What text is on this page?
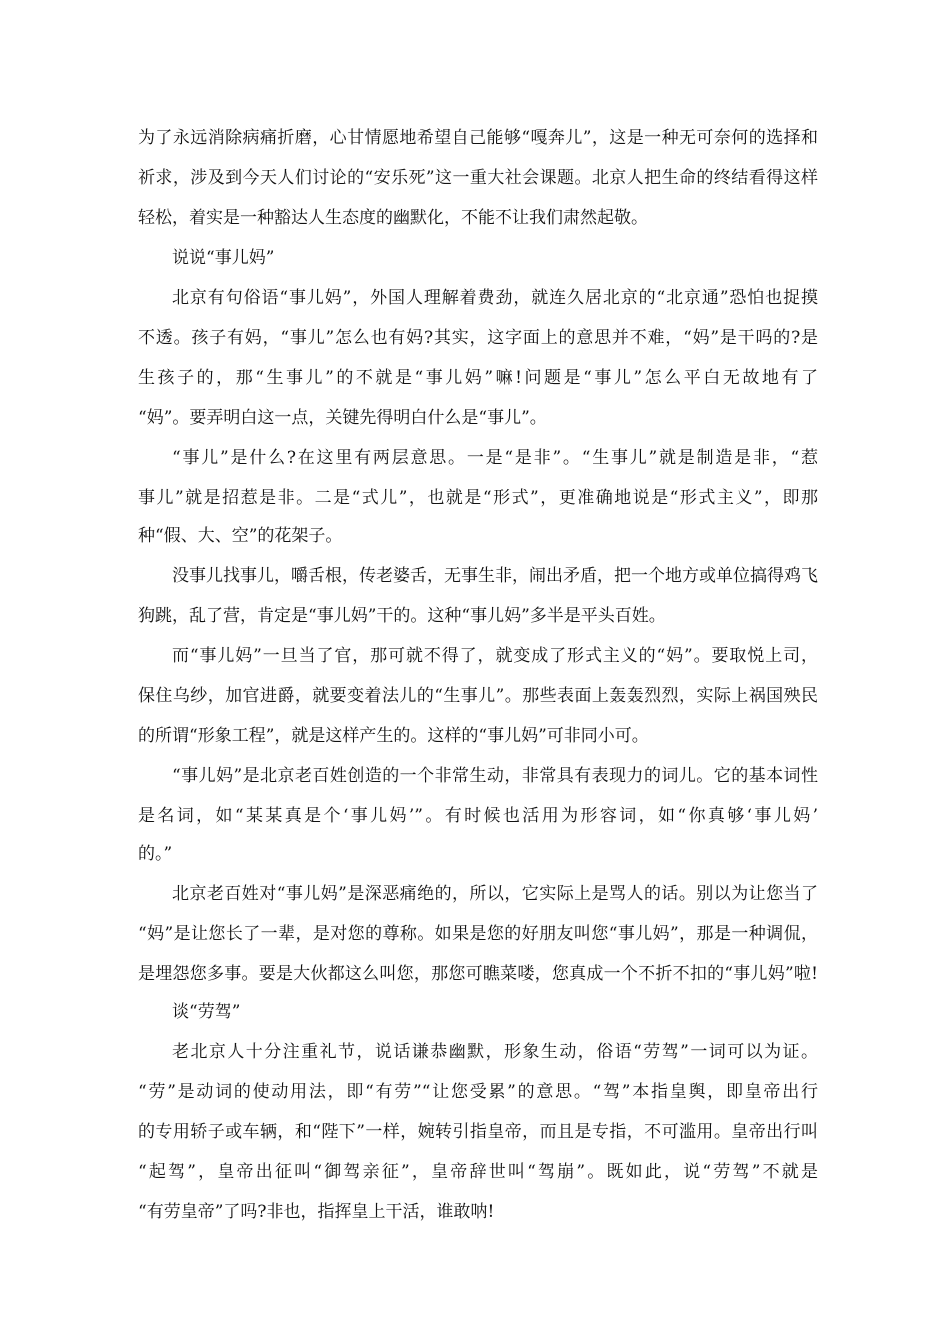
为了永远消除病痛折磨，心甘情愿地希望自己能够“嘎奔儿”，这是一种无可奈何的选择和
祈求，涉及到今天人们讨论的“安乐死”这一重大社会课题。北京人把生命的终结看得这样
轻松，着实是一种豁达人生态度的幽默化，不能不让我们肃然起敬。
说说“事儿妈”
北京有句俗语“事儿妈”，外国人理解着费劲，就连久居北京的“北京通”恐怕也捉摸
不透。孩子有妈，“事儿”怎么也有妈?其实，这字面上的意思并不难，“妈”是干吗的?是
生孩子的，那“生事儿”的不就是“事儿妈”嘛!问题是“事儿”怎么平白无故地有了
“妈”。要弄明白这一点，关键先得明白什么是“事儿”。
“事儿”是什么?在这里有两层意思。一是“是非”。“生事儿”就是制造是非，“惹
事儿”就是招惹是非。二是“式儿”，也就是“形式”，更准确地说是“形式主义”，即那
种“假、大、空”的花架子。
没事儿找事儿，嚼舌根，传老婆舌，无事生非，闹出矛盾，把一个地方或单位搞得鸡飞
狗跳，乱了营，肯定是“事儿妈”干的。这种“事儿妈”多半是平头百姓。
而“事儿妈”一旦当了官，那可就不得了，就变成了形式主义的“妈”。要取悦上司，
保住乌纱，加官进爵，就要变着法儿的“生事儿”。那些表面上轰轰烈烈，实际上祸国殃民
的所谓“形象工程”，就是这样产生的。这样的“事儿妈”可非同小可。
“事儿妈”是北京老百姓创造的一个非常生动，非常具有表现力的词儿。它的基本词性
是名词，如“某某真是个‘事儿妈’”。有时候也活用为形容词，如“你真够‘事儿妈’
的。”
北京老百姓对“事儿妈”是深恶痛绝的，所以，它实际上是骂人的话。别以为让您当了
“妈”是让您长了一辈，是对您的尊称。如果是您的好朋友叫您“事儿妈”，那是一种调侃，
是埋怨您多事。要是大伙都这么叫您，那您可瞧菜喽，您真成一个不折不扣的“事儿妈”啦!
谈“劳驾”
老北京人十分注重礼节，说话谦恭幽默，形象生动，俗语“劳驾”一词可以为证。
“劳”是动词的使动用法，即“有劳”“让您受累”的意思。“驾”本指皇舆，即皇帝出行
的专用轿子或车辆，和“陛下”一样，婉转引指皇帝，而且是专指，不可滥用。皇帝出行叫
“起驾”，皇帝出征叫“御驾亲征”，皇帝辞世叫“驾崩”。既如此，说“劳驾”不就是
“有劳皇帝”了吗?非也，指挥皇上干活，谁敢呐!
